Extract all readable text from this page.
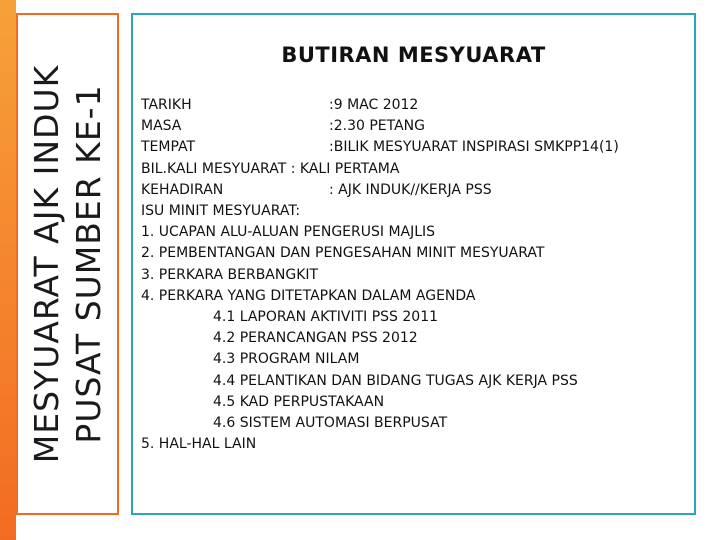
MESYUARAT AJK INDUK PUSAT SUMBER KE-1
BUTIRAN MESYUARAT
TARIKH	:9 MAC 2012
MASA	:2.30 PETANG
TEMPAT	:BILIK MESYUARAT INSPIRASI SMKPP14(1)
BIL.KALI MESYUARAT : KALI PERTAMA
KEHADIRAN	: AJK INDUK//KERJA PSS
ISU MINIT MESYUARAT:
1. UCAPAN ALU-ALUAN PENGERUSI MAJLIS
2. PEMBENTANGAN DAN PENGESAHAN MINIT MESYUARAT
3. PERKARA BERBANGKIT
4. PERKARA YANG DITETAPKAN DALAM AGENDA
4.1 LAPORAN AKTIVITI PSS 2011
4.2 PERANCANGAN PSS 2012
4.3 PROGRAM NILAM
4.4 PELANTIKAN DAN BIDANG TUGAS AJK KERJA PSS
4.5 KAD PERPUSTAKAAN
4.6 SISTEM AUTOMASI BERPUSAT
5. HAL-HAL LAIN
